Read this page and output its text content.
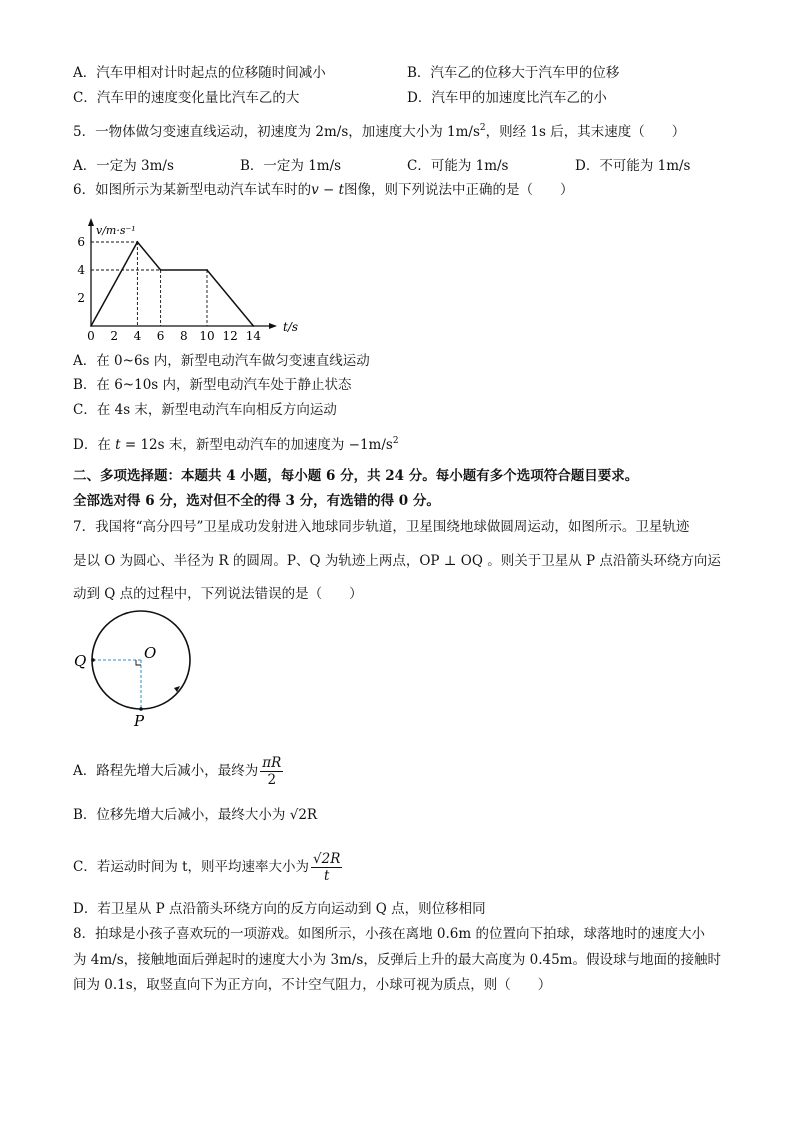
A．汽车甲相对计时起点的位移随时间减小	B．汽车乙的位移大于汽车甲的位移
C．汽车甲的速度变化量比汽车乙的大	D．汽车甲的加速度比汽车乙的小
5．一物体做匀变速直线运动，初速度为 2m/s，加速度大小为 $1m/s^2$，则经 1s 后，其末速度（　　）
A．一定为 3m/s	B．一定为 1m/s	C．可能为 1m/s	D．不可能为 1m/s
6．如图所示为某新型电动汽车试车时的v − t图像，则下列说法中正确的是（　　）
0 2 4 6 8 10 12 14
2
4
6
v/m·s⁻¹
t/s
A．在 0~6s 内，新型电动汽车做匀变速直线运动
B．在 6~10s 内，新型电动汽车处于静止状态
C．在 4s 末，新型电动汽车向相反方向运动
D．在 t = 12s 末，新型电动汽车的加速度为 $-1m/s^2$
二、多项选择题：本题共 4 小题，每小题 6 分，共 24 分。每小题有多个选项符合题目要求。
全部选对得 6 分，选对但不全的得 3 分，有选错的得 0 分。
7．我国将“高分四号”卫星成功发射进入地球同步轨道，卫星围绕地球做圆周运动，如图所示。卫星轨迹
是以 O 为圆心、半径为 R 的圆周。P、Q 为轨迹上两点，OP ⊥ OQ 。则关于卫星从 P 点沿箭头环绕方向运
动到 Q 点的过程中，下列说法错误的是（　　）
Q	O
P
A．路程先增大后减小，最终为 $\frac{\pi R}{2}$
B．位移先增大后减小，最终大小为 √2R
C．若运动时间为 t，则平均速率大小为 $\frac{√2R}{t}$
D．若卫星从 P 点沿箭头环绕方向的反方向运动到 Q 点，则位移相同
8．拍球是小孩子喜欢玩的一项游戏。如图所示，小孩在离地 0.6m 的位置向下拍球，球落地时的速度大小
为 4m/s，接触地面后弹起时的速度大小为 3m/s，反弹后上升的最大高度为 0.45m。假设球与地面的接触时
间为 0.1s，取竖直向下为正方向，不计空气阻力，小球可视为质点，则（　　）
